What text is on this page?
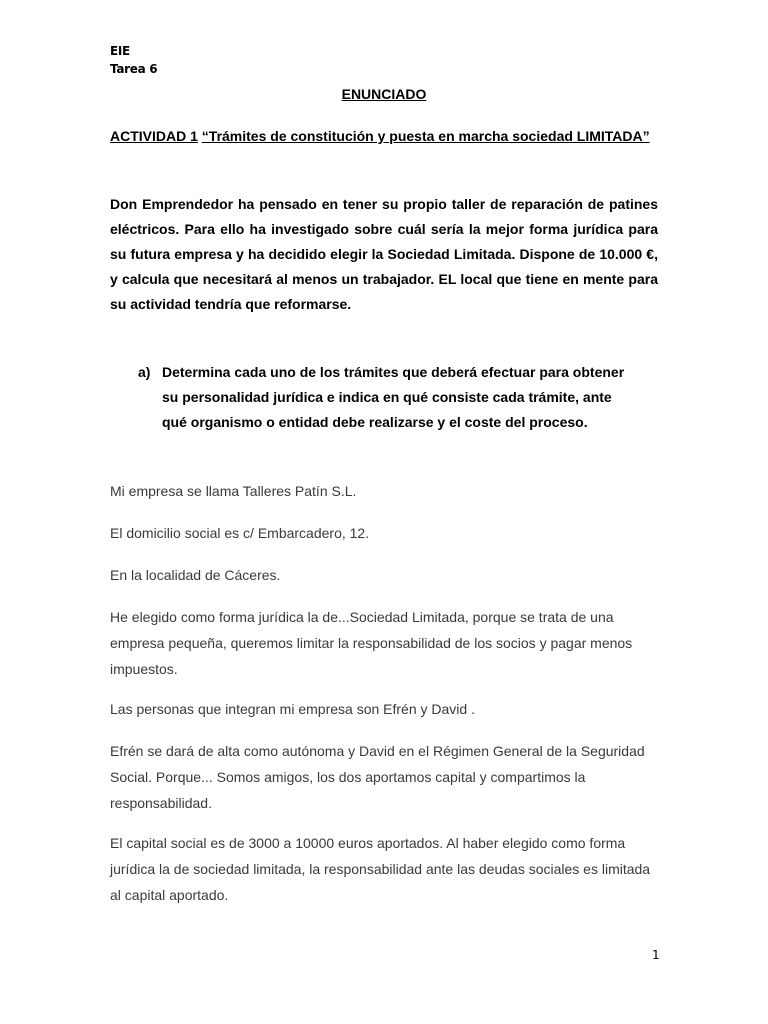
EIE
Tarea 6
ENUNCIADO
ACTIVIDAD 1 “Trámites de constitución y puesta en marcha sociedad LIMITADA”
Don Emprendedor ha pensado en tener su propio taller de reparación de patines eléctricos. Para ello ha investigado sobre cuál sería la mejor forma jurídica para su futura empresa y ha decidido elegir la Sociedad Limitada. Dispone de 10.000 €, y calcula que necesitará al menos un trabajador. EL local que tiene en mente para su actividad tendría que reformarse.
a) Determina cada uno de los trámites que deberá efectuar para obtener su personalidad jurídica e indica en qué consiste cada trámite, ante qué organismo o entidad debe realizarse y el coste del proceso.
Mi empresa se llama Talleres Patín S.L.
El domicilio social es c/ Embarcadero, 12.
En la localidad de Cáceres.
He elegido como forma jurídica la de...Sociedad Limitada, porque se trata de una empresa pequeña, queremos limitar la responsabilidad de los socios y pagar menos impuestos.
Las personas que integran mi empresa son Efrén y David .
Efrén se dará de alta como autónoma y David en el Régimen General de la Seguridad Social. Porque... Somos amigos, los dos aportamos capital y compartimos la responsabilidad.
El capital social es de 3000 a 10000 euros aportados. Al haber elegido como forma jurídica la de sociedad limitada, la responsabilidad ante las deudas sociales es limitada al capital aportado.
1
